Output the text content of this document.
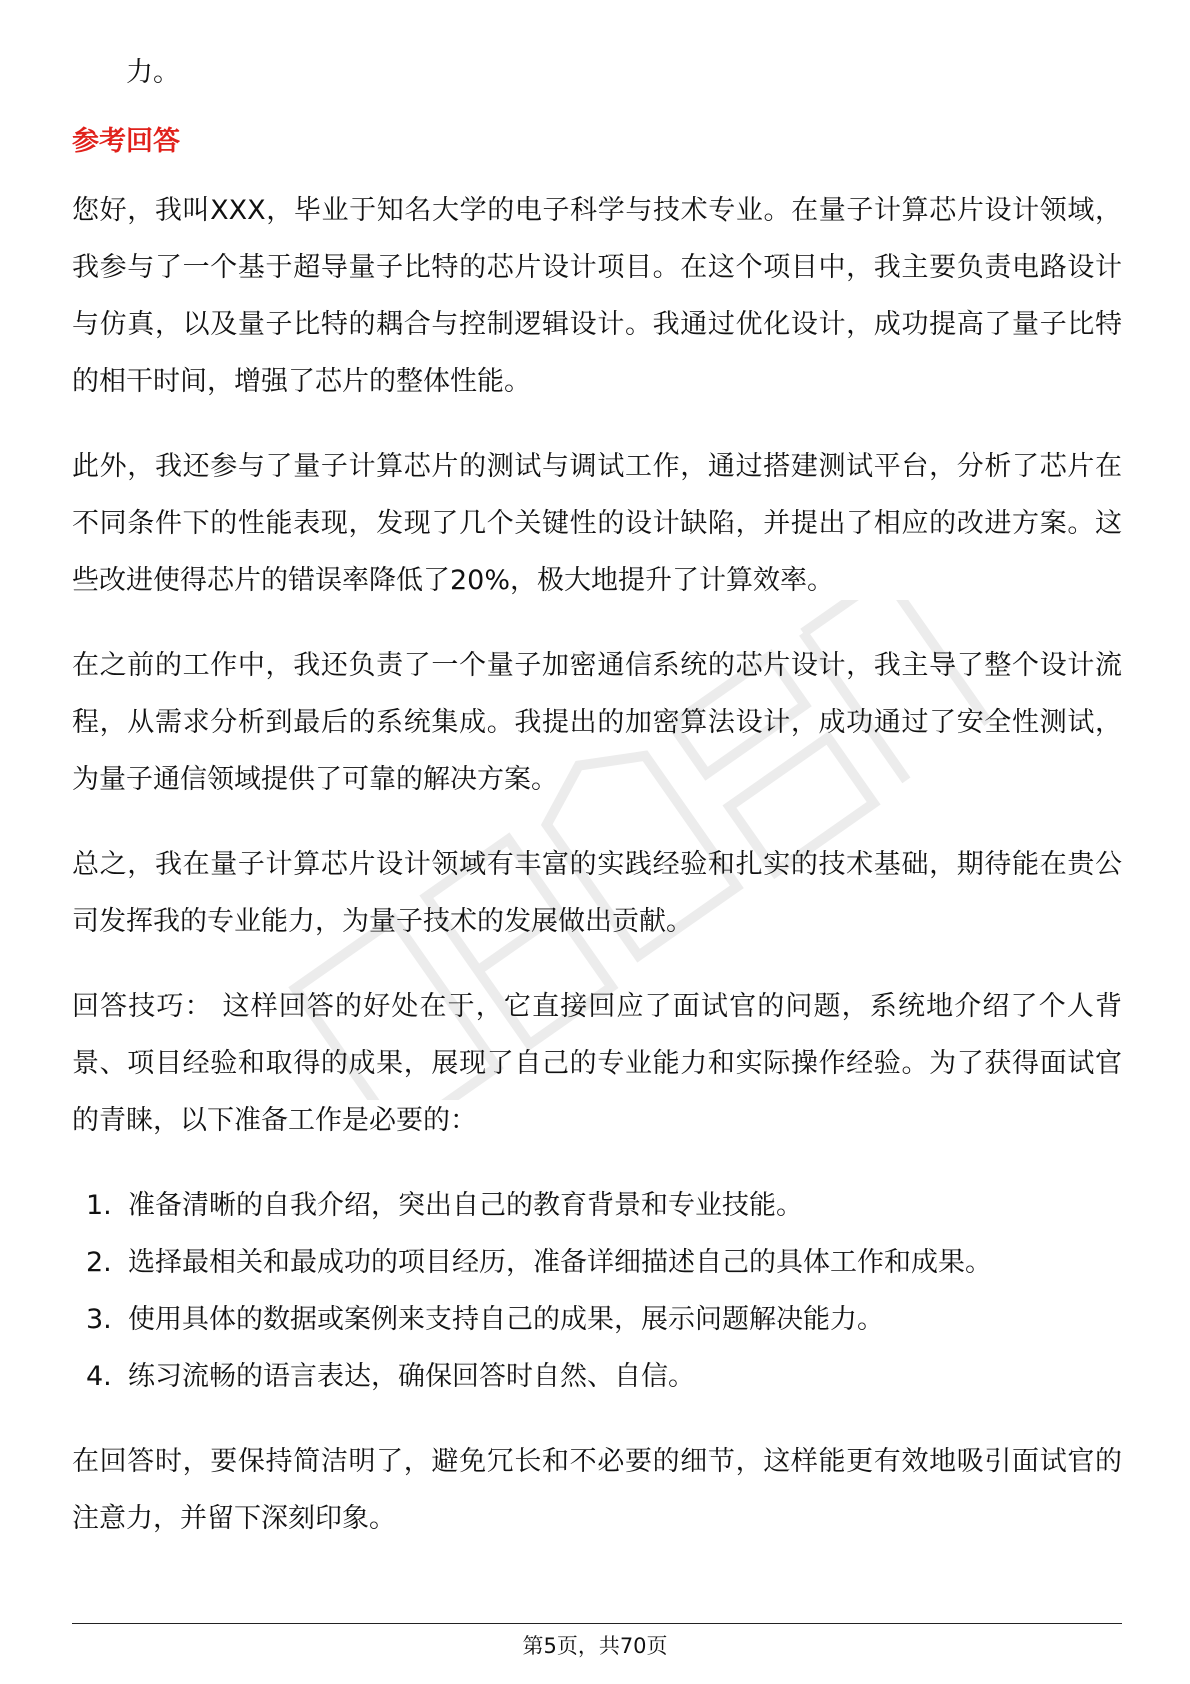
力。

参考回答

您好，我叫XXX，毕业于知名大学的电子科学与技术专业。在量子计算芯片设计领域，我参与了一个基于超导量子比特的芯片设计项目。在这个项目中，我主要负责电路设计与仿真，以及量子比特的耦合与控制逻辑设计。我通过优化设计，成功提高了量子比特的相干时间，增强了芯片的整体性能。

此外，我还参与了量子计算芯片的测试与调试工作，通过搭建测试平台，分析了芯片在不同条件下的性能表现，发现了几个关键性的设计缺陷，并提出了相应的改进方案。这些改进使得芯片的错误率降低了20%，极大地提升了计算效率。

在之前的工作中，我还负责了一个量子加密通信系统的芯片设计，我主导了整个设计流程，从需求分析到最后的系统集成。我提出的加密算法设计，成功通过了安全性测试，为量子通信领域提供了可靠的解决方案。

总之，我在量子计算芯片设计领域有丰富的实践经验和扎实的技术基础，期待能在贵公司发挥我的专业能力，为量子技术的发展做出贡献。

回答技巧： 这样回答的好处在于，它直接回应了面试官的问题，系统地介绍了个人背景、项目经验和取得的成果，展现了自己的专业能力和实际操作经验。为了获得面试官的青睐，以下准备工作是必要的：

1. 准备清晰的自我介绍，突出自己的教育背景和专业技能。
2. 选择最相关和最成功的项目经历，准备详细描述自己的具体工作和成果。
3. 使用具体的数据或案例来支持自己的成果，展示问题解决能力。
4. 练习流畅的语言表达，确保回答时自然、自信。

在回答时，要保持简洁明了，避免冗长和不必要的细节，这样能更有效地吸引面试官的注意力，并留下深刻印象。

第5页，共70页
